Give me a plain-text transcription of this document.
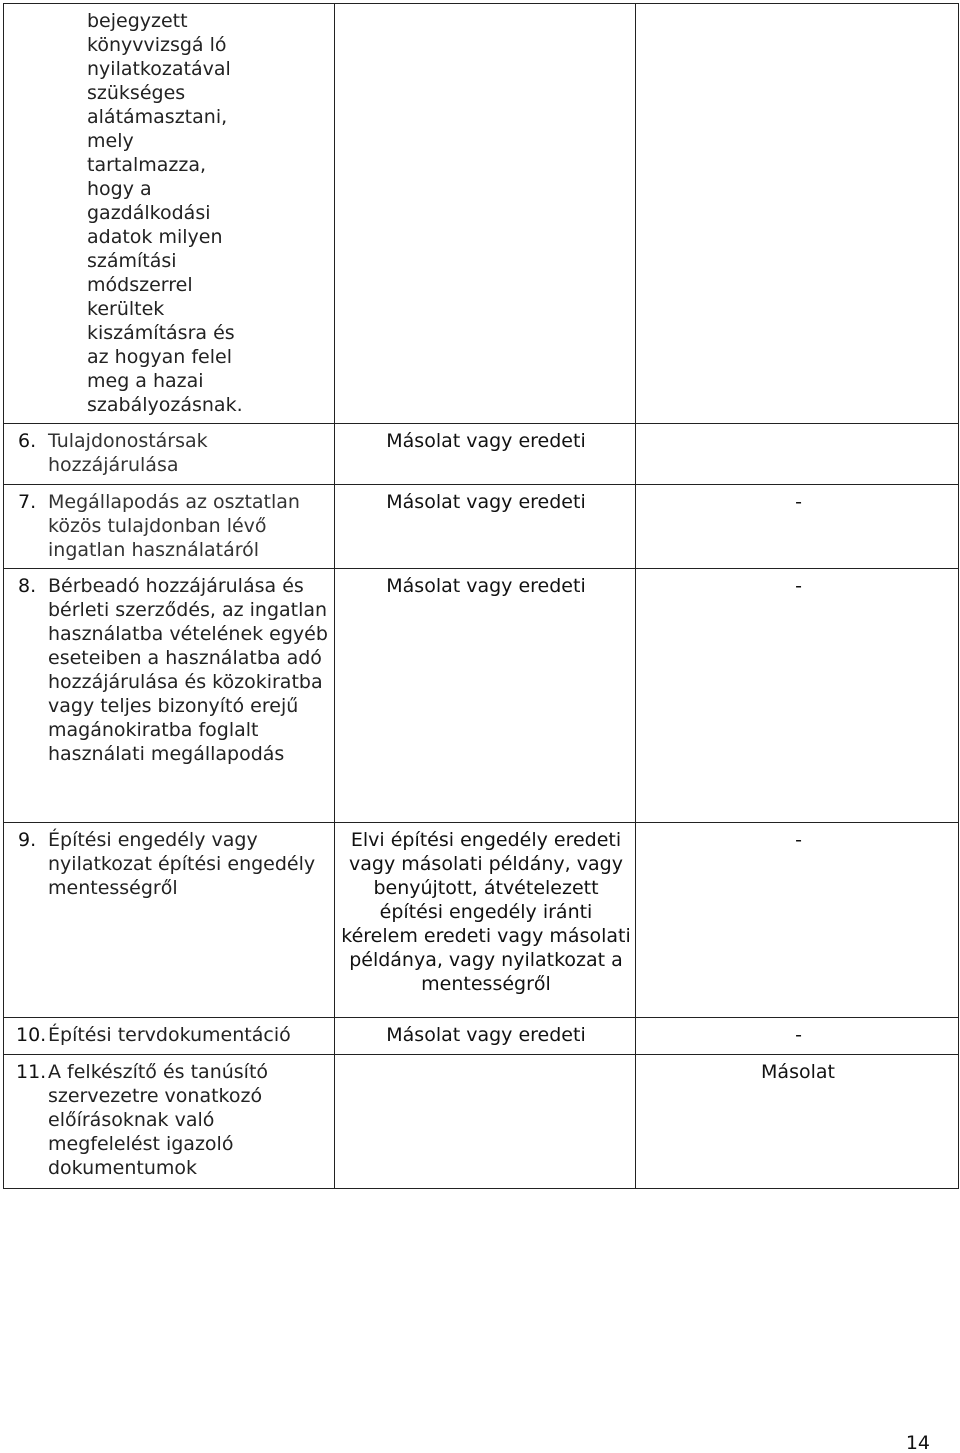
bejegyzett könyvvizsgá ló nyilatkozatával szükséges alátámasztani, mely tartalmazza, hogy a gazdálkodási adatok milyen számítási módszerrel kerültek kiszámításra és az hogyan felel meg a hazai szabályozásnak.		

6. Tulajdonostársak hozzájárulása	Másolat vagy eredeti	

7. Megállapodás az osztatlan közös tulajdonban lévő ingatlan használatáról	Másolat vagy eredeti	-

8. Bérbeadó hozzájárulása és bérleti szerződés, az ingatlan használatba vételének egyéb eseteiben a használatba adó hozzájárulása és közokiratba vagy teljes bizonyító erejű magánokiratba foglalt használati megállapodás	Másolat vagy eredeti	-

9. Építési engedély vagy nyilatkozat építési engedély mentességről	Elvi építési engedély eredeti vagy másolati példány, vagy benyújtott, átvételezett építési engedély iránti kérelem eredeti vagy másolati példánya, vagy nyilatkozat a mentességről	-

10. Építési tervdokumentáció	Másolat vagy eredeti	-

11. A felkészítő és tanúsító szervezetre vonatkozó előírásoknak való megfelelést igazoló dokumentumok		Másolat
14
